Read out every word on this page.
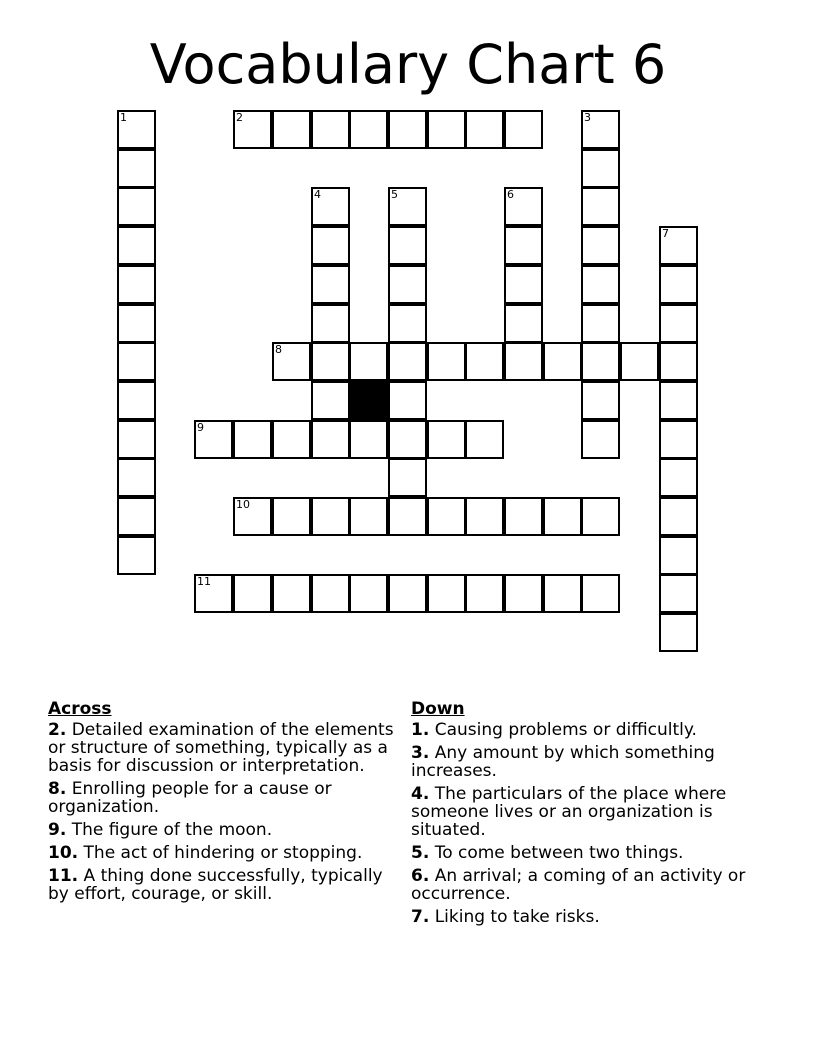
Vocabulary Chart 6
2
8
9
10
11
1	3
4	5	6
7
Across
2. Detailed examination of the elements or structure of something, typically as a basis for discussion or interpretation.
8. Enrolling people for a cause or organization.
9. The figure of the moon.
10. The act of hindering or stopping.
11. A thing done successfully, typically by effort, courage, or skill.
Down
1. Causing problems or difficultly.
3. Any amount by which something increases.
4. The particulars of the place where someone lives or an organization is situated.
5. To come between two things.
6. An arrival; a coming of an activity or occurrence.
7. Liking to take risks.
